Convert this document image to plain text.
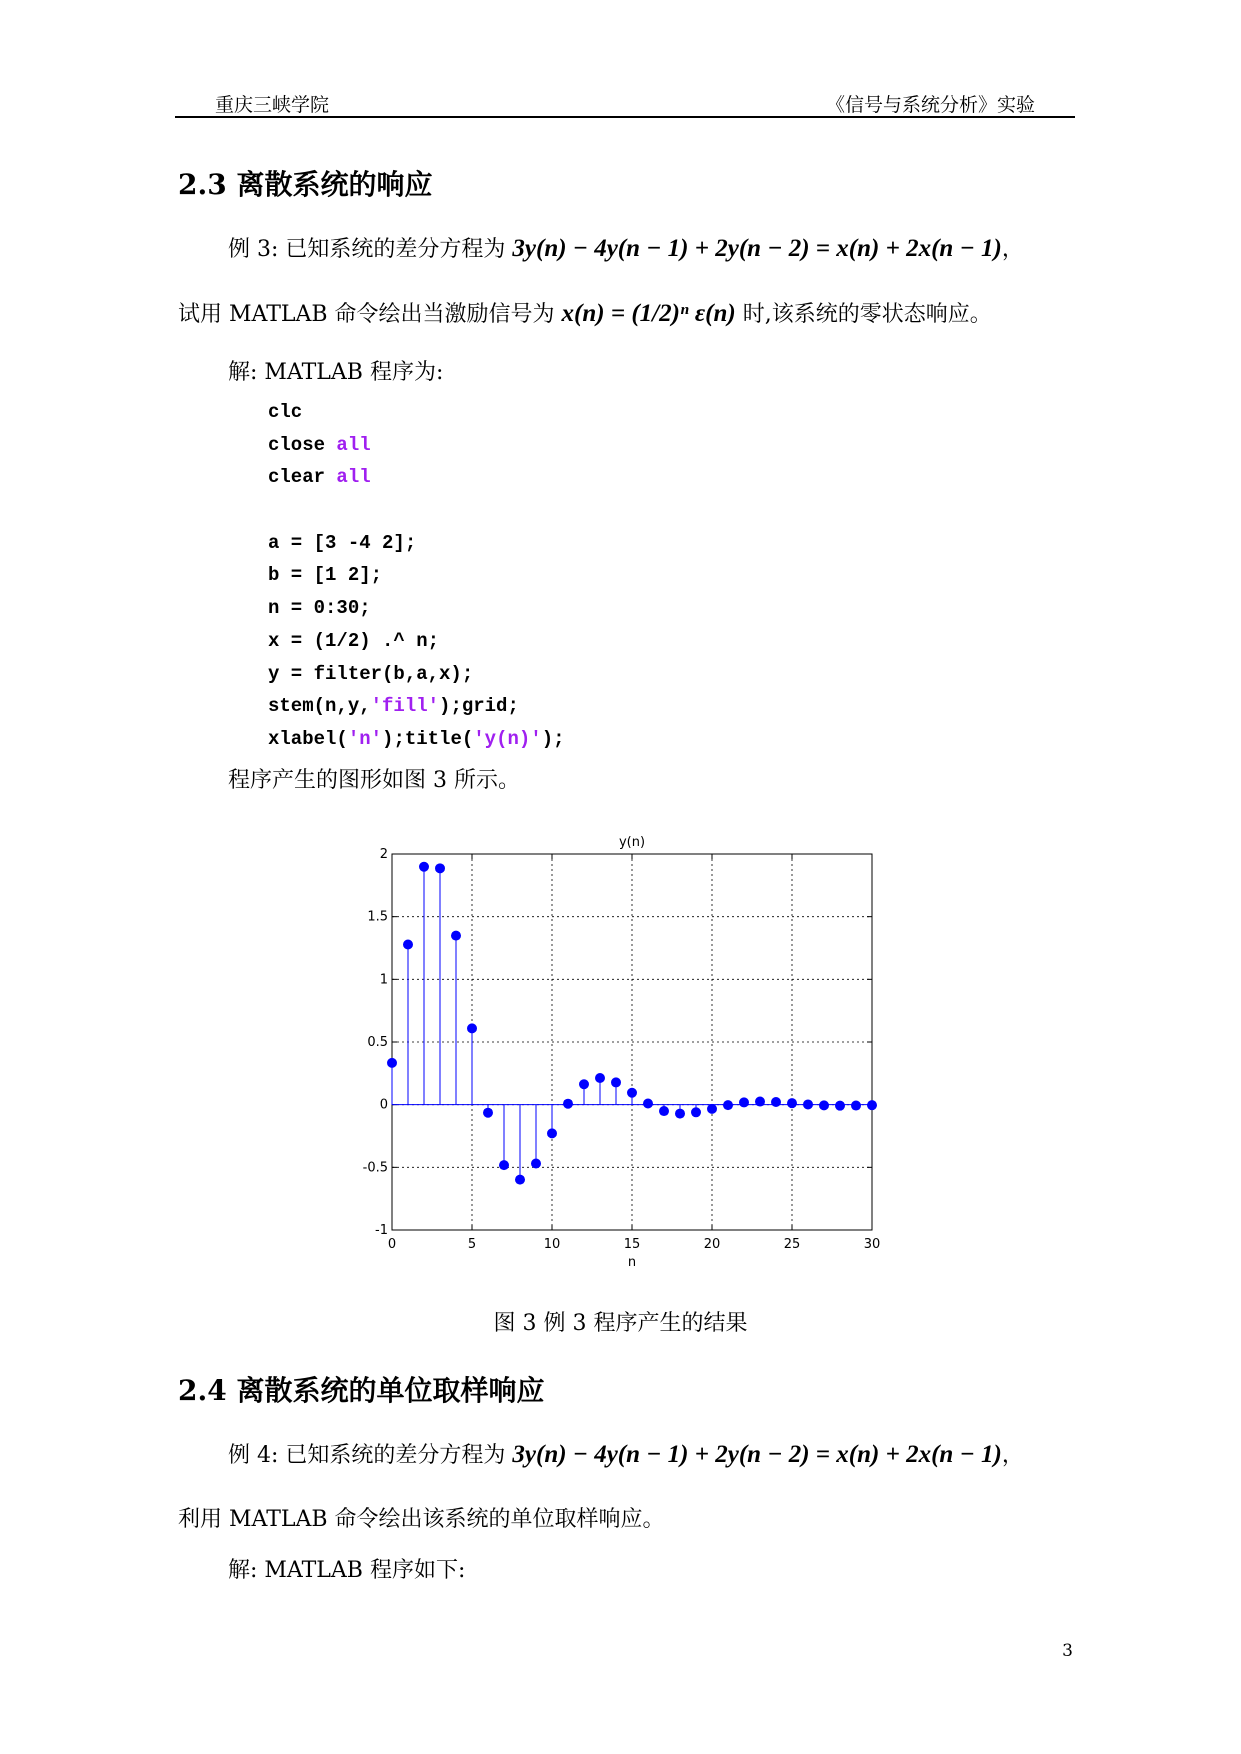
重庆三峡学院	《信号与系统分析》实验
2.3 离散系统的响应
例 3: 已知系统的差分方程为 3y(n) − 4y(n − 1) + 2y(n − 2) = x(n) + 2x(n − 1)，
试用 MATLAB 命令绘出当激励信号为 x(n) = (1/2)ⁿ ε(n) 时,该系统的零状态响应。
解: MATLAB 程序为:
clc
close all
clear all
a = [3 -4 2];
b = [1 2];
n = 0:30;
x = (1/2) .^ n;
y = filter(b,a,x);
stem(n,y,'fill');grid;
xlabel('n');title('y(n)');
程序产生的图形如图 3 所示。
0	5	10	15	20	25	30
2
1.5
1
0.5
0
-0.5
-1
y(n)
n
图 3 例 3 程序产生的结果
2.4 离散系统的单位取样响应
例 4: 已知系统的差分方程为 3y(n) − 4y(n − 1) + 2y(n − 2) = x(n) + 2x(n − 1)，
利用 MATLAB 命令绘出该系统的单位取样响应。
解: MATLAB 程序如下:
3
